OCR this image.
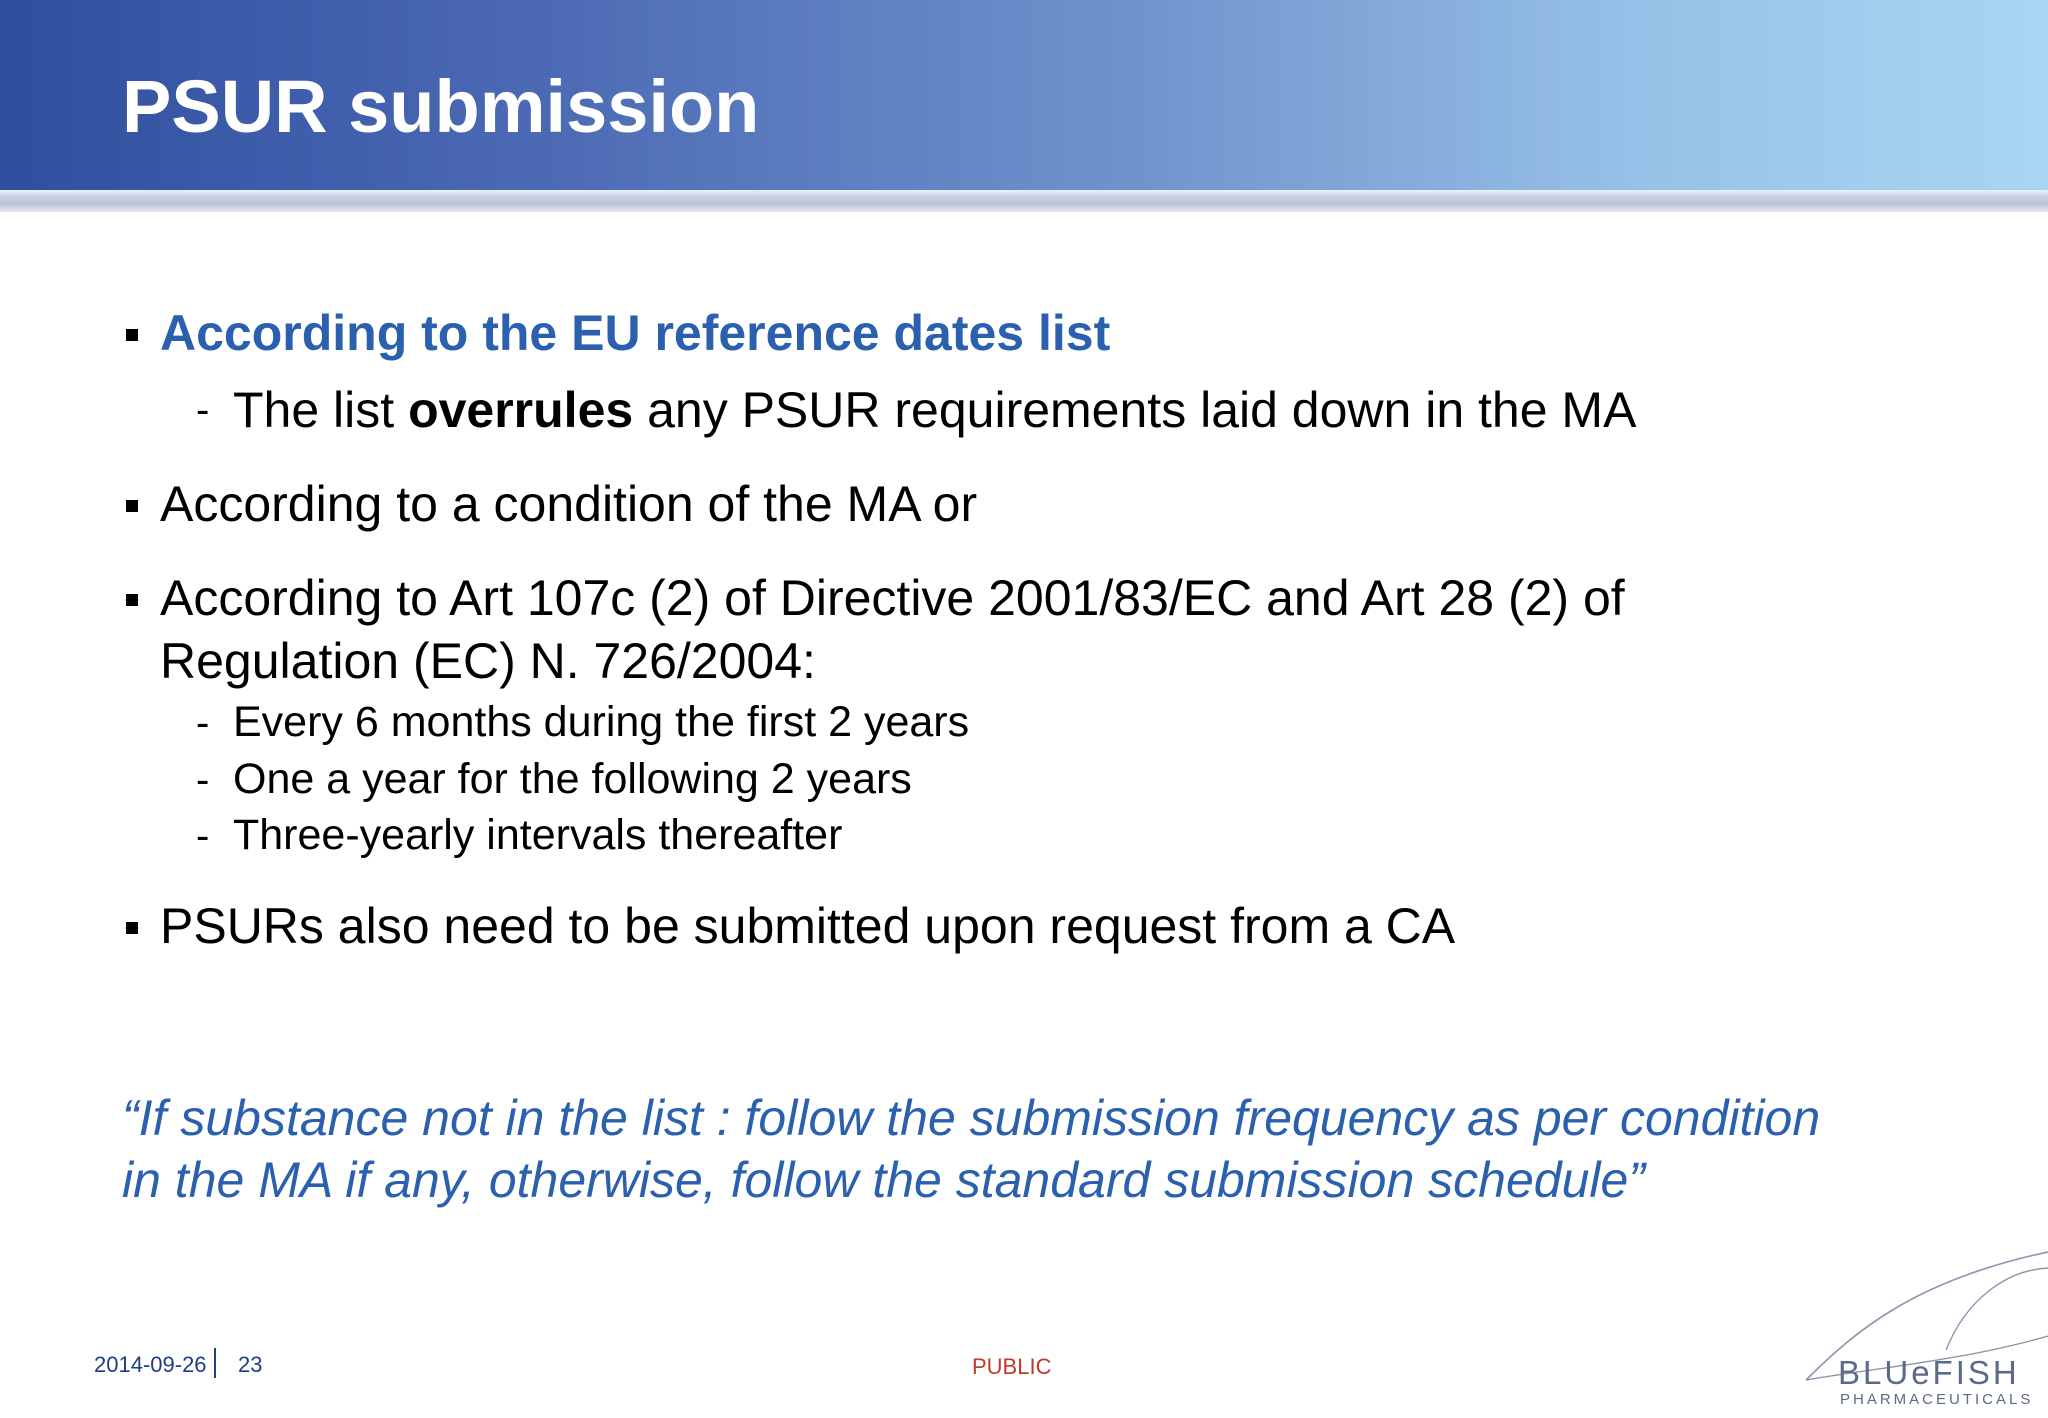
PSUR submission
According to the EU reference dates list
- The list overrules any PSUR requirements laid down in the MA
According to a condition of the MA or
According to Art 107c (2) of Directive 2001/83/EC and Art 28 (2) of
Regulation (EC) N. 726/2004:
- Every 6 months during the first 2 years
- One a year for the following 2 years
- Three-yearly intervals thereafter
PSURs also need to be submitted upon request from a CA
“If substance not in the list : follow the submission frequency as per condition
in the MA if any, otherwise, follow the standard submission schedule”
2014-09-26 23	PUBLIC	BLUeFISH
PHARMACEUTICALS
